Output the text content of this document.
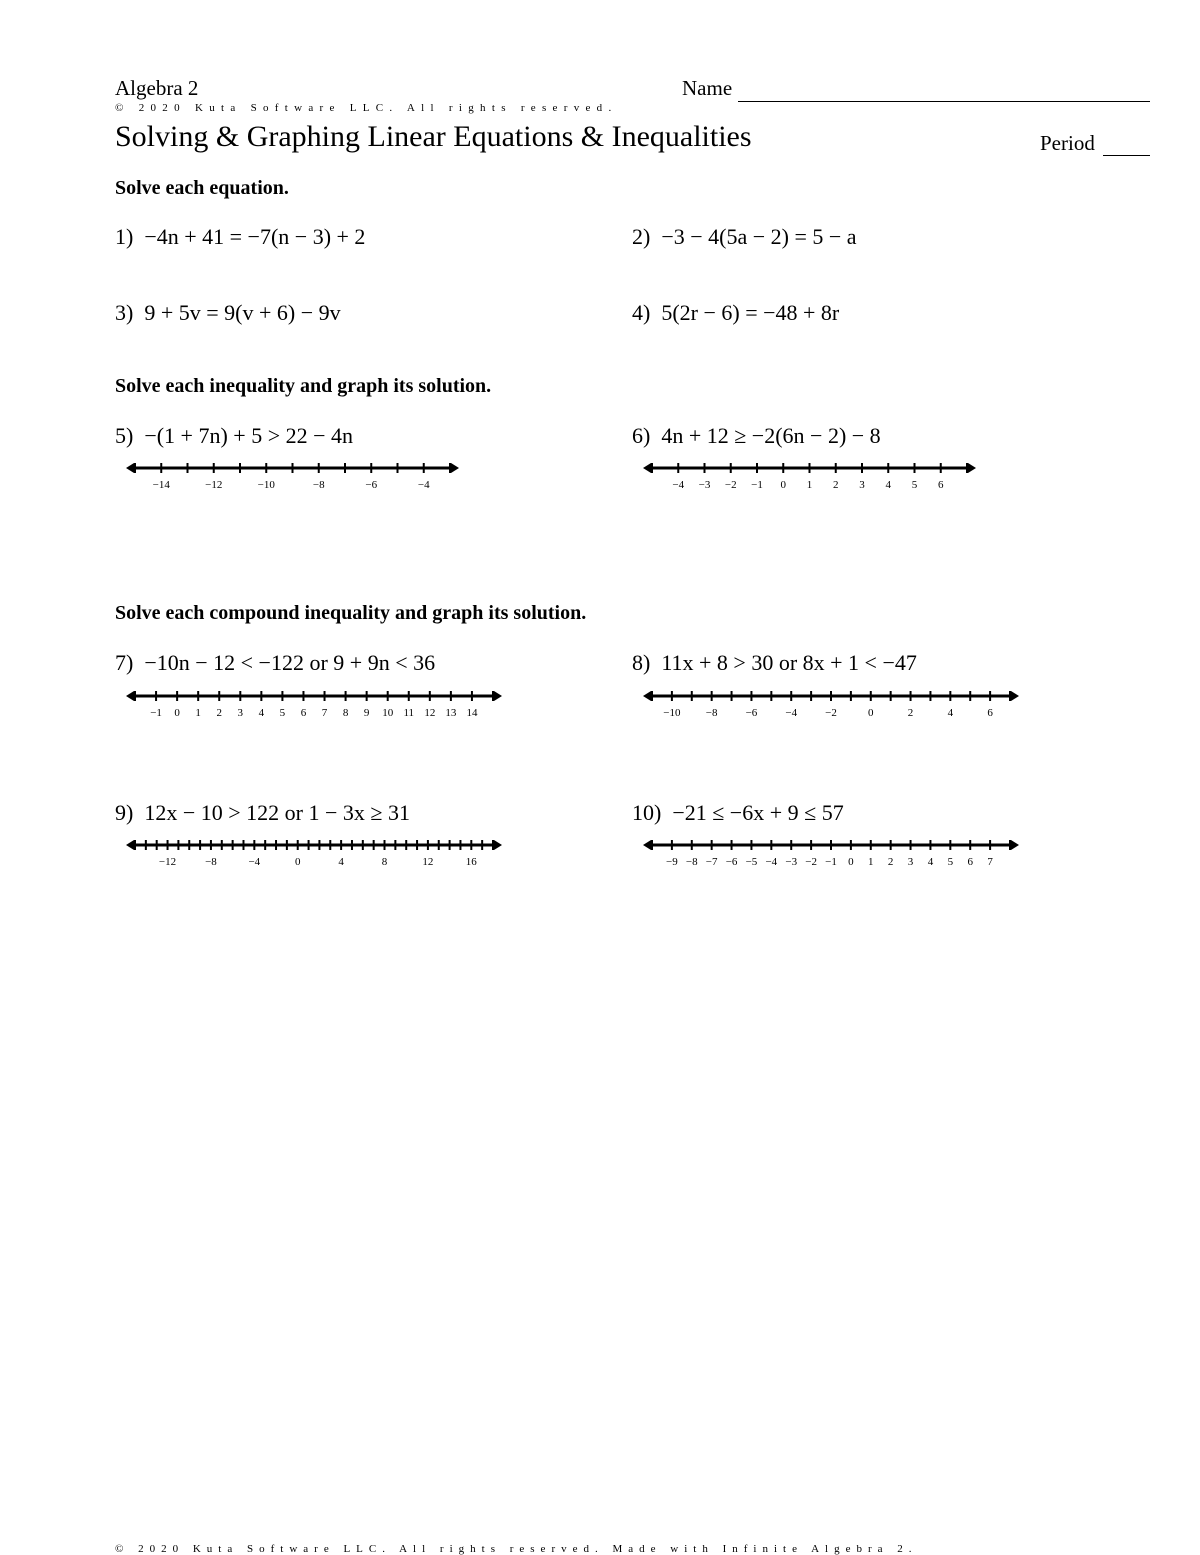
Algebra 2	Name
© 2020 Kuta Software LLC. All rights reserved.
Solving & Graphing Linear Equations & Inequalities	Period
Solve each equation.
1) −4n + 41 = −7(n − 3) + 2	2) −3 − 4(5a − 2) = 5 − a
3) 9 + 5v = 9(v + 6) − 9v	4) 5(2r − 6) = −48 + 8r
Solve each inequality and graph its solution.
5) −(1 + 7n) + 5 > 22 − 4n	6) 4n + 12 ≥ −2(6n − 2) − 8
−14	−12	−10	−8	−6	−4	−4 −3 −2 −1 0 1 2 3 4 5 6
Solve each compound inequality and graph its solution.
7) −10n − 12 < −122 or 9 + 9n < 36	8) 11x + 8 > 30 or 8x + 1 < −47
−1 0 1 2 3 4 5 6 7 8 9 10 11 12 13 14	−10 −8	−6	−4	−2	0	2	4	6
9) 12x − 10 > 122 or 1 − 3x ≥ 31	10) −21 ≤ −6x + 9 ≤ 57
−12	−8	−4	0	4	8	12	16	−9 −8 −7 −6 −5 −4 −3 −2 −1 0 1 2 3 4 5 6 7
© 2020 Kuta Software LLC. All rights reserved. Made with Infinite Algebra 2.
